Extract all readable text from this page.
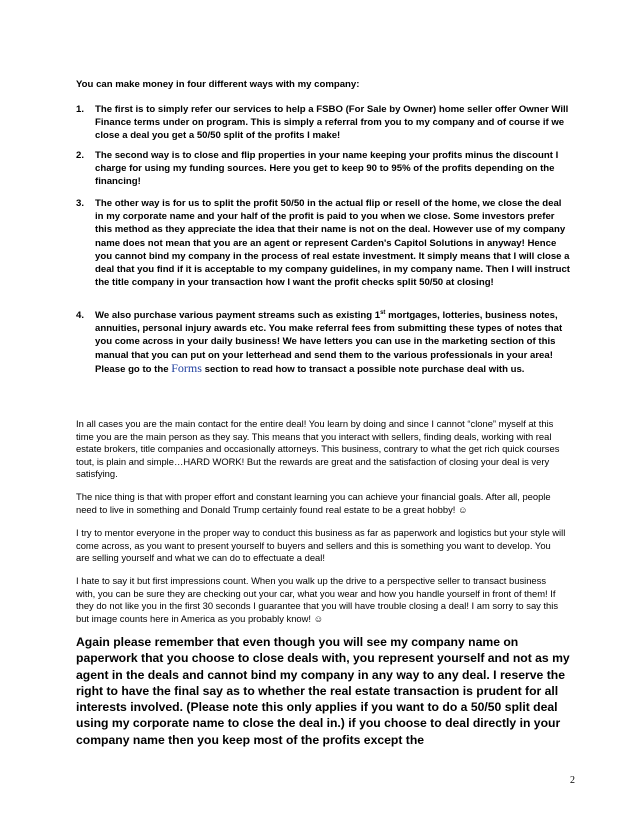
You can make money in four different ways with my company:

1. The first is to simply refer our services to help a FSBO (For Sale by Owner) home seller offer Owner Will Finance terms under on program. This is simply a referral from you to my company and of course if we close a deal you get a 50/50 split of the profits I make!
2. The second way is to close and flip properties in your name keeping your profits minus the discount I charge for using my funding sources. Here you get to keep 90 to 95% of the profits depending on the financing!
3. The other way is for us to split the profit 50/50 in the actual flip or resell of the home, we close the deal in my corporate name and your half of the profit is paid to you when we close. Some investors prefer this method as they appreciate the idea that their name is not on the deal. However use of my company name does not mean that you are an agent or represent Carden's Capitol Solutions in anyway! Hence you cannot bind my company in the process of real estate investment. It simply means that I will close a deal that you find if it is acceptable to my company guidelines, in my company name. Then I will instruct the title company in your transaction how I want the profit checks split 50/50 at closing!
4. We also purchase various payment streams such as existing 1st mortgages, lotteries, business notes, annuities, personal injury awards etc. You make referral fees from submitting these types of notes that you come across in your daily business! We have letters you can use in the marketing section of this manual that you can put on your letterhead and send them to the various professionals in your area! Please go to the Forms section to read how to transact a possible note purchase deal with us.

In all cases you are the main contact for the entire deal! You learn by doing and since I cannot “clone” myself at this time you are the main person as they say. This means that you interact with sellers, finding deals, working with real estate brokers, title companies and occasionally attorneys. This business, contrary to what the get rich quick courses tout, is plain and simple…HARD WORK! But the rewards are great and the satisfaction of closing your deal is very satisfying.

The nice thing is that with proper effort and constant learning you can achieve your financial goals. After all, people need to live in something and Donald Trump certainly found real estate to be a great hobby! ☺

I try to mentor everyone in the proper way to conduct this business as far as paperwork and logistics but your style will come across, as you want to present yourself to buyers and sellers and this is something you want to develop. You are selling yourself and what we can do to effectuate a deal!

I hate to say it but first impressions count. When you walk up the drive to a perspective seller to transact business with, you can be sure they are checking out your car, what you wear and how you handle yourself in front of them! If they do not like you in the first 30 seconds I guarantee that you will have trouble closing a deal! I am sorry to say this but image counts here in America as you probably know! ☺

Again please remember that even though you will see my company name on paperwork that you choose to close deals with, you represent yourself and not as my agent in the deals and cannot bind my company in any way to any deal. I reserve the right to have the final say as to whether the real estate transaction is prudent for all interests involved. (Please note this only applies if you want to do a 50/50 split deal using my corporate name to close the deal in.) if you choose to deal directly in your company name then you keep most of the profits except the

2
